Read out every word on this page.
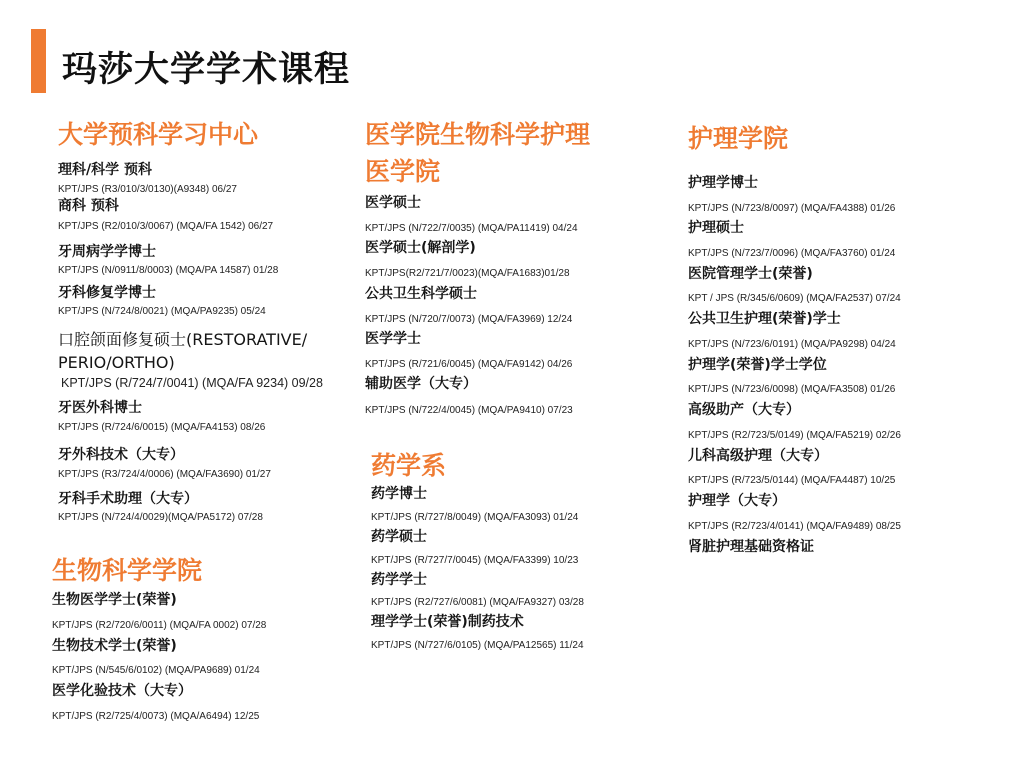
玛莎大学学术课程
大学预科学习中心
理科/科学 预科
KPT/JPS (R3/010/3/0130)(A9348) 06/27
商科 预科
KPT/JPS (R2/010/3/0067) (MQA/FA 1542) 06/27
牙周病学学博士
KPT/JPS (N/0911/8/0003) (MQA/PA 14587) 01/28
牙科修复学博士
KPT/JPS (N/724/8/0021) (MQA/PA9235) 05/24
口腔颌面修复硕士(RESTORATIVE/
PERIO/ORTHO)
KPT/JPS (R/724/7/0041) (MQA/FA 9234) 09/28
牙医外科博士
KPT/JPS (R/724/6/0015) (MQA/FA4153) 08/26
牙外科技术（大专）
KPT/JPS (R3/724/4/0006) (MQA/FA3690) 01/27
牙科手术助理（大专）
KPT/JPS (N/724/4/0029)(MQA/PA5172) 07/28
生物科学学院
生物医学学士(荣誉)
KPT/JPS (R2/720/6/0011) (MQA/FA 0002) 07/28
生物技术学士(荣誉)
KPT/JPS (N/545/6/0102) (MQA/PA9689) 01/24
医学化验技术（大专）
KPT/JPS (R2/725/4/0073) (MQA/A6494) 12/25
医学院生物科学护理
医学院
医学硕士
KPT/JPS (N/722/7/0035) (MQA/PA11419) 04/24
医学硕士(解剖学)
KPT/JPS(R2/721/7/0023)(MQA/FA1683)01/28
公共卫生科学硕士
KPT/JPS (N/720/7/0073) (MQA/FA3969) 12/24
医学学士
KPT/JPS (R/721/6/0045) (MQA/FA9142) 04/26
辅助医学（大专）
KPT/JPS (N/722/4/0045) (MQA/PA9410) 07/23
药学系
药学博士
KPT/JPS (R/727/8/0049) (MQA/FA3093) 01/24
药学硕士
KPT/JPS (R/727/7/0045) (MQA/FA3399) 10/23
药学学士
KPT/JPS (R2/727/6/0081) (MQA/FA9327) 03/28
理学学士(荣誉)制药技术
KPT/JPS (N/727/6/0105) (MQA/PA12565) 11/24
护理学院
护理学博士
KPT/JPS (N/723/8/0097) (MQA/FA4388) 01/26
护理硕士
KPT/JPS (N/723/7/0096) (MQA/FA3760) 01/24
医院管理学士(荣誉)
KPT / JPS (R/345/6/0609) (MQA/FA2537) 07/24
公共卫生护理(荣誉)学士
KPT/JPS (N/723/6/0191) (MQA/PA9298) 04/24
护理学(荣誉)学士学位
KPT/JPS (N/723/6/0098) (MQA/FA3508) 01/26
高级助产（大专）
KPT/JPS (R2/723/5/0149) (MQA/FA5219) 02/26
儿科高级护理（大专）
KPT/JPS (R/723/5/0144) (MQA/FA4487) 10/25
护理学（大专）
KPT/JPS (R2/723/4/0141) (MQA/FA9489) 08/25
肾脏护理基础资格证
